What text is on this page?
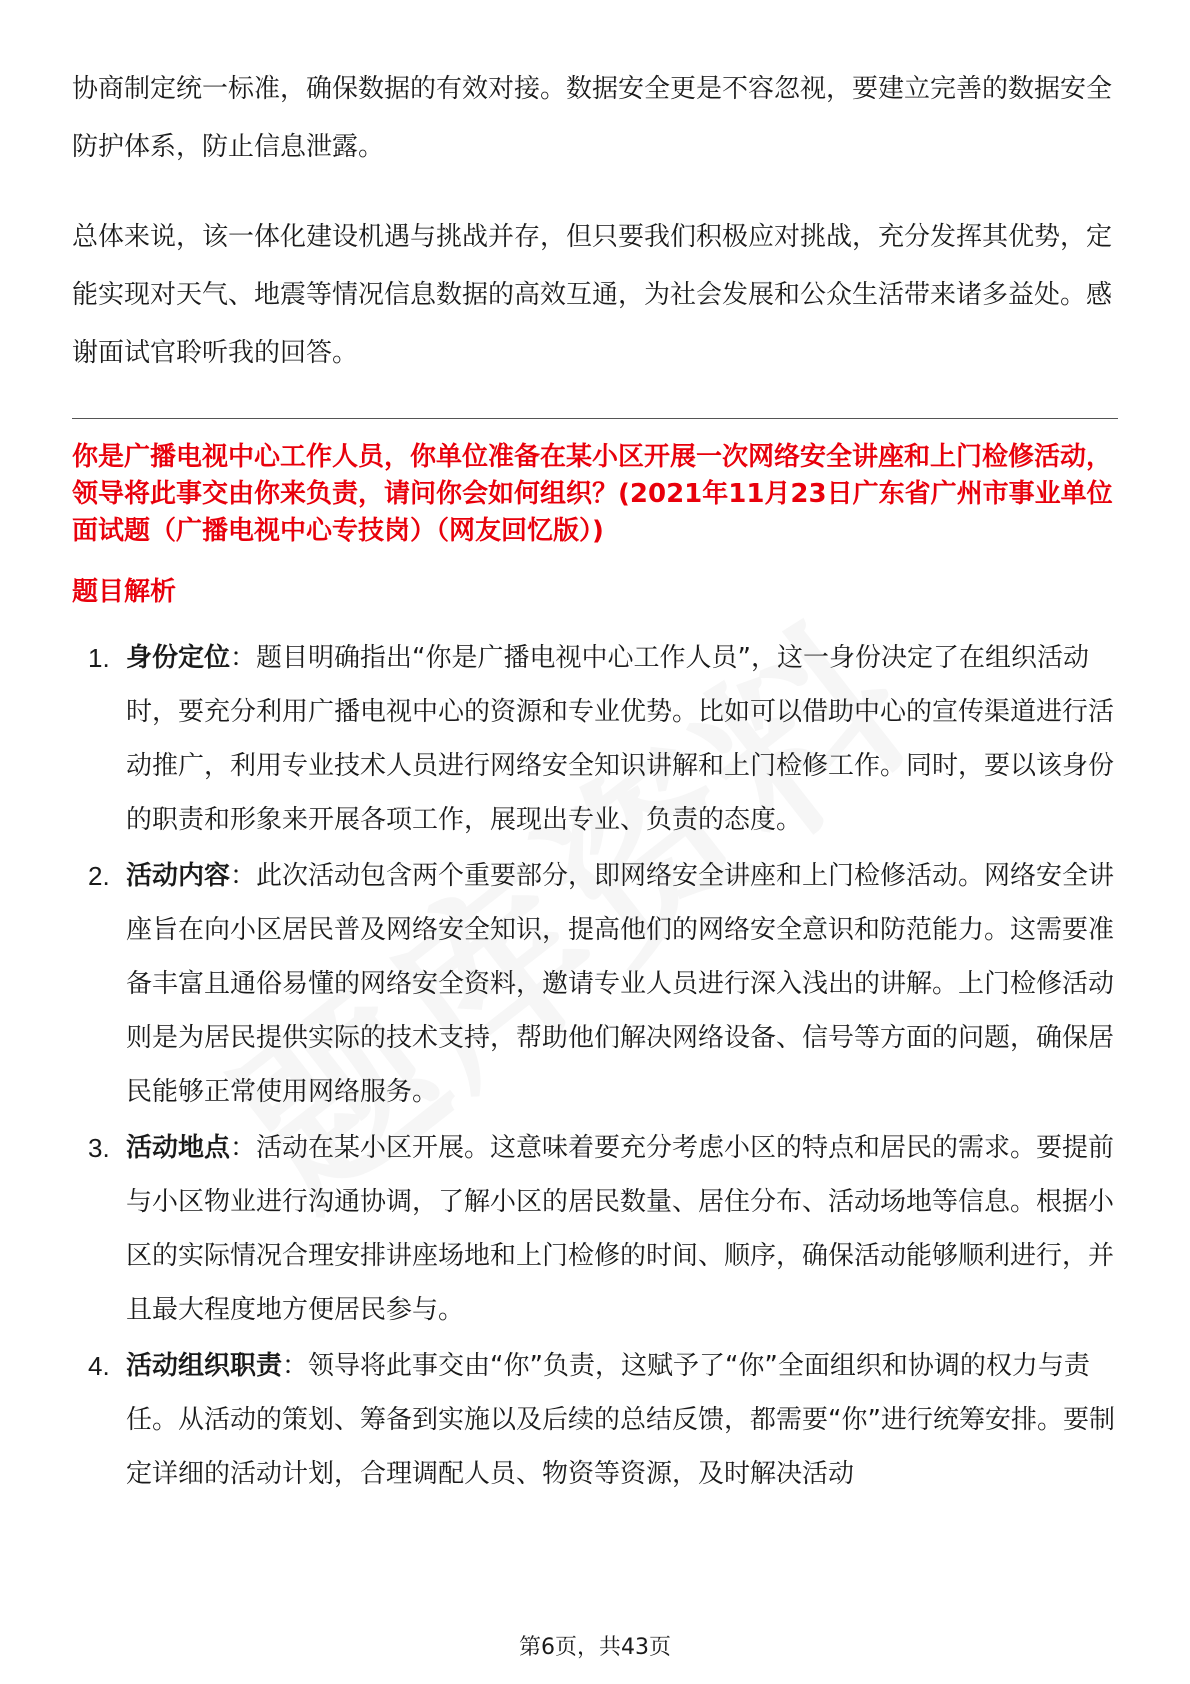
协商制定统一标准，确保数据的有效对接。数据安全更是不容忽视，要建立完善的数据安全防护体系，防止信息泄露。

总体来说，该一体化建设机遇与挑战并存，但只要我们积极应对挑战，充分发挥其优势，定能实现对天气、地震等情况信息数据的高效互通，为社会发展和公众生活带来诸多益处。感谢面试官聆听我的回答。

你是广播电视中心工作人员，你单位准备在某小区开展一次网络安全讲座和上门检修活动，领导将此事交由你来负责，请问你会如何组织？(2021年11月23日广东省广州市事业单位面试题（广播电视中心专技岗）（网友回忆版）)

题目解析
1. 身份定位：题目明确指出“你是广播电视中心工作人员”，这一身份决定了在组织活动时，要充分利用广播电视中心的资源和专业优势。比如可以借助中心的宣传渠道进行活动推广，利用专业技术人员进行网络安全知识讲解和上门检修工作。同时，要以该身份的职责和形象来开展各项工作，展现出专业、负责的态度。
2. 活动内容：此次活动包含两个重要部分，即网络安全讲座和上门检修活动。网络安全讲座旨在向小区居民普及网络安全知识，提高他们的网络安全意识和防范能力。这需要准备丰富且通俗易懂的网络安全资料，邀请专业人员进行深入浅出的讲解。上门检修活动则是为居民提供实际的技术支持，帮助他们解决网络设备、信号等方面的问题，确保居民能够正常使用网络服务。
3. 活动地点：活动在某小区开展。这意味着要充分考虑小区的特点和居民的需求。要提前与小区物业进行沟通协调，了解小区的居民数量、居住分布、活动场地等信息。根据小区的实际情况合理安排讲座场地和上门检修的时间、顺序，确保活动能够顺利进行，并且最大程度地方便居民参与。
4. 活动组织职责：领导将此事交由“你”负责，这赋予了“你”全面组织和协调的权力与责任。从活动的策划、筹备到实施以及后续的总结反馈，都需要“你”进行统筹安排。要制定详细的活动计划，合理调配人员、物资等资源，及时解决活动
第6页，共43页
